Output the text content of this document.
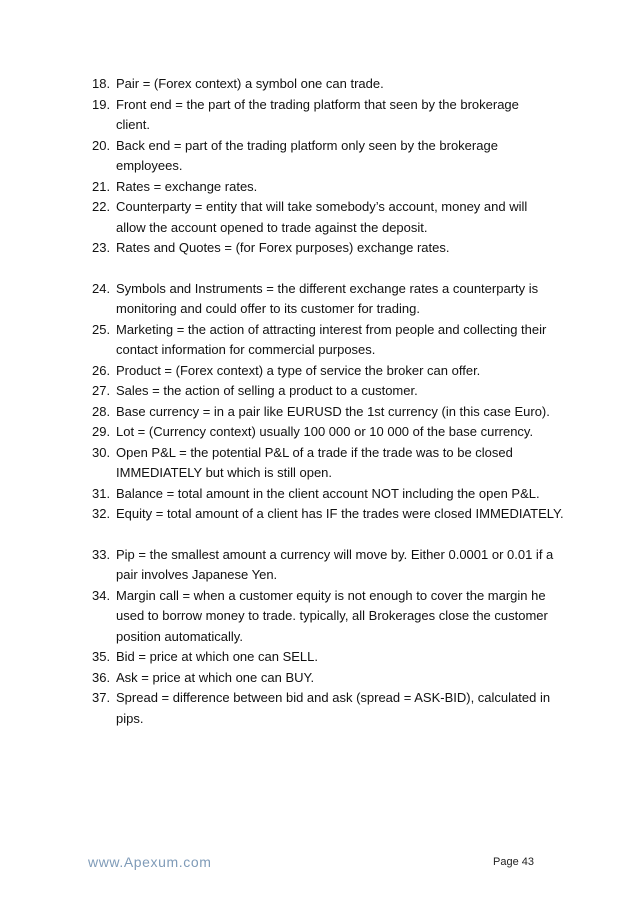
18. Pair = (Forex context) a symbol one can trade.
19. Front end = the part of the trading platform that seen by the brokerage
client.
20. Back end = part of the trading platform only seen by the brokerage
employees.
21. Rates = exchange rates.
22. Counterparty = entity that will take somebody’s account, money and will
allow the account opened to trade against the deposit.
23. Rates and Quotes = (for Forex purposes) exchange rates.
24. Symbols and Instruments = the different exchange rates a counterparty is
monitoring and could offer to its customer for trading.
25. Marketing = the action of attracting interest from people and collecting their
contact information for commercial purposes.
26. Product = (Forex context) a type of service the broker can offer.
27. Sales = the action of selling a product to a customer.
28. Base currency = in a pair like EURUSD the 1st currency (in this case Euro).
29. Lot = (Currency context) usually 100 000 or 10 000 of the base currency.
30. Open P&L = the potential P&L of a trade if the trade was to be closed
IMMEDIATELY but which is still open.
31. Balance = total amount in the client account NOT including the open P&L.
32. Equity = total amount of a client has IF the trades were closed IMMEDIATELY.
33. Pip = the smallest amount a currency will move by. Either 0.0001 or 0.01 if a
pair involves Japanese Yen.
34. Margin call = when a customer equity is not enough to cover the margin he
used to borrow money to trade. typically, all Brokerages close the customer
position automatically.
35. Bid = price at which one can SELL.
36. Ask = price at which one can BUY.
37. Spread = difference between bid and ask (spread = ASK-BID), calculated in
pips.
www.Apexum.com	Page 43
